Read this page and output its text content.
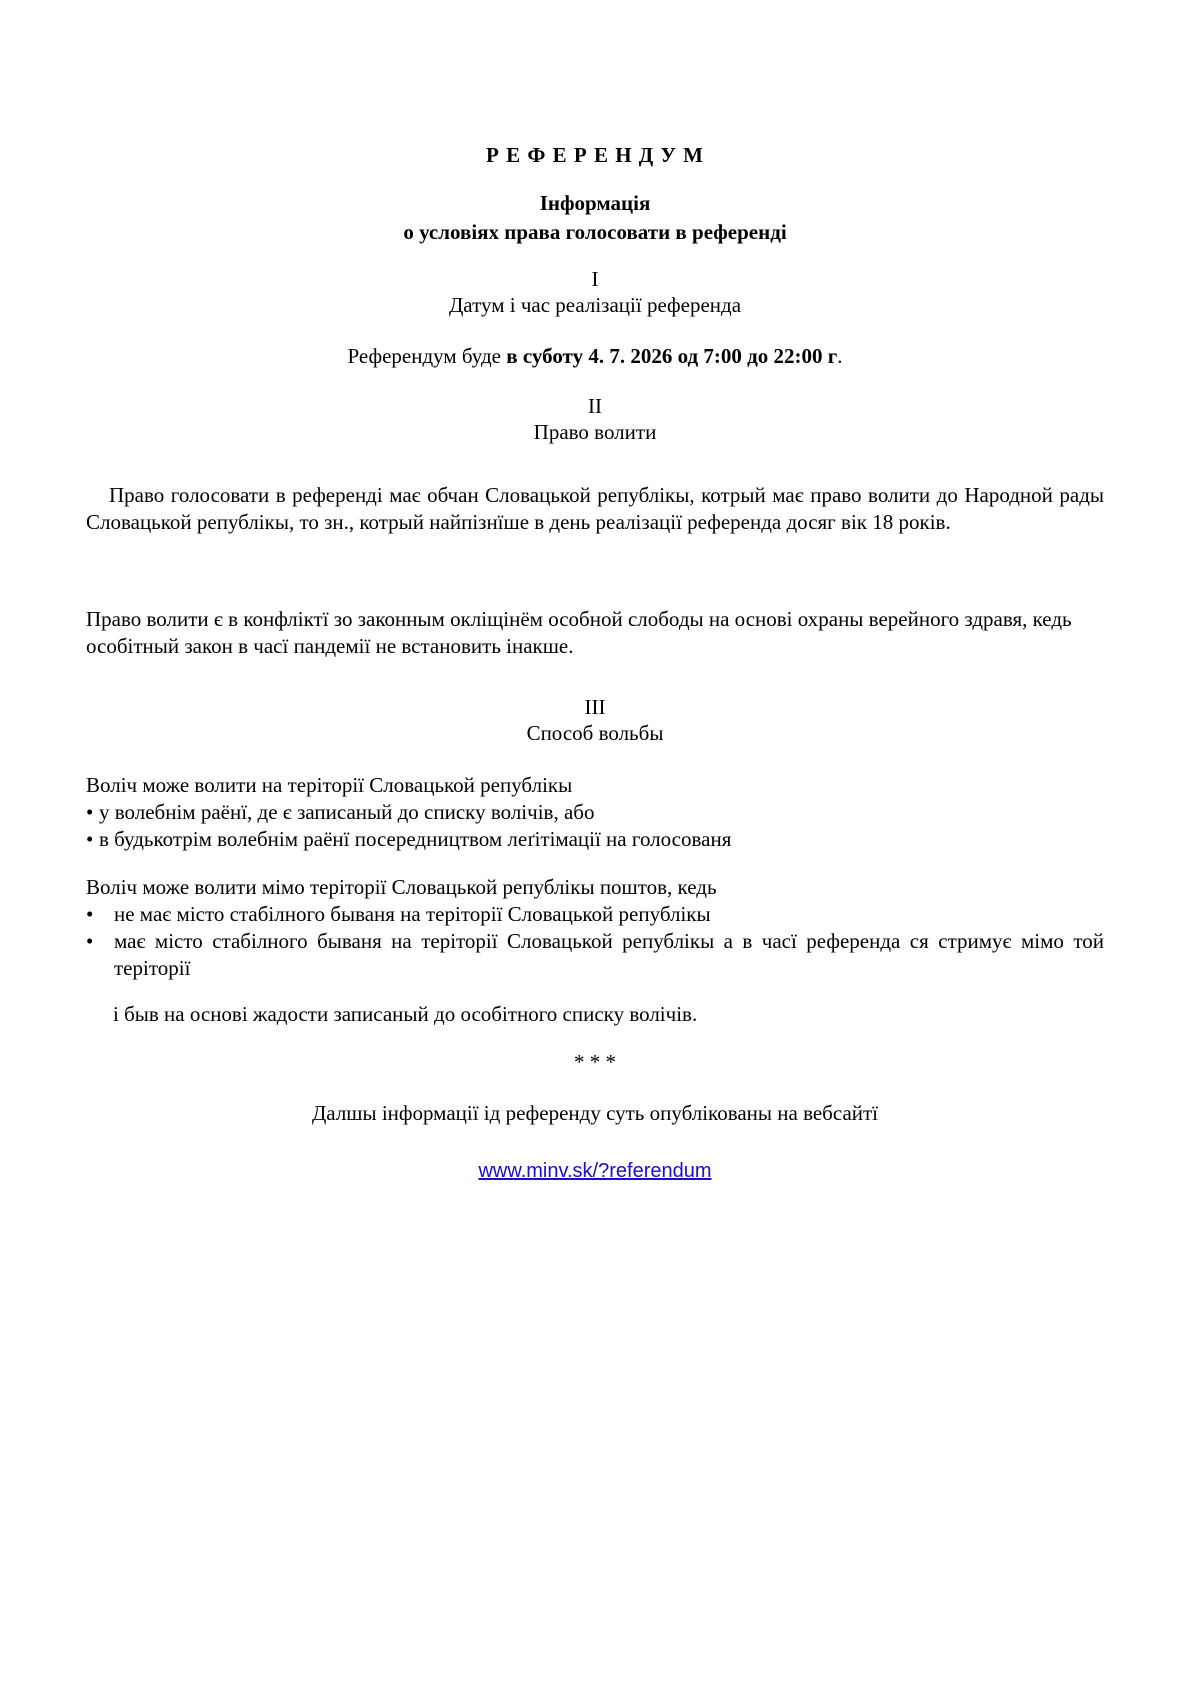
Р Е Ф Е Р Е Н Д У М
Інформація
о условіях права голосовати в референді
I
Датум і час реалізації референда
Референдум буде в суботу 4. 7. 2026 од 7:00 до 22:00 г.
II
Право волити
Право голосовати в референді має обчан Словацькой републікы, котрый має право волити до Народной рады Словацькой републікы, то зн., котрый найпізнїше в день реалізації референда досяг вік 18 років.
Право волити є в конфліктї зо законным окліщінём особной слободы на основі охраны верейного здравя, кедь особітный закон в часї пандемії не встановить інакше.
III
Способ вольбы
Воліч може волити на теріторії Словацькой републікы
• у волебнім раёнї, де є записаный до списку волічів, або
• в будькотрім волебнім раёнї посередництвом леґітімації на голосованя
Воліч може волити мімо теріторії Словацькой републікы поштов, кедь
• не має місто стабілного бываня на теріторії Словацькой републікы
• має місто стабілного бываня на теріторії Словацькой републікы а в часї референда ся стримує мімо той теріторії
і быв на основі жадости записаный до особітного списку волічів.
* * *
Далшы інформації ід референду суть опублікованы на вебсайтї
www.minv.sk/?referendum
